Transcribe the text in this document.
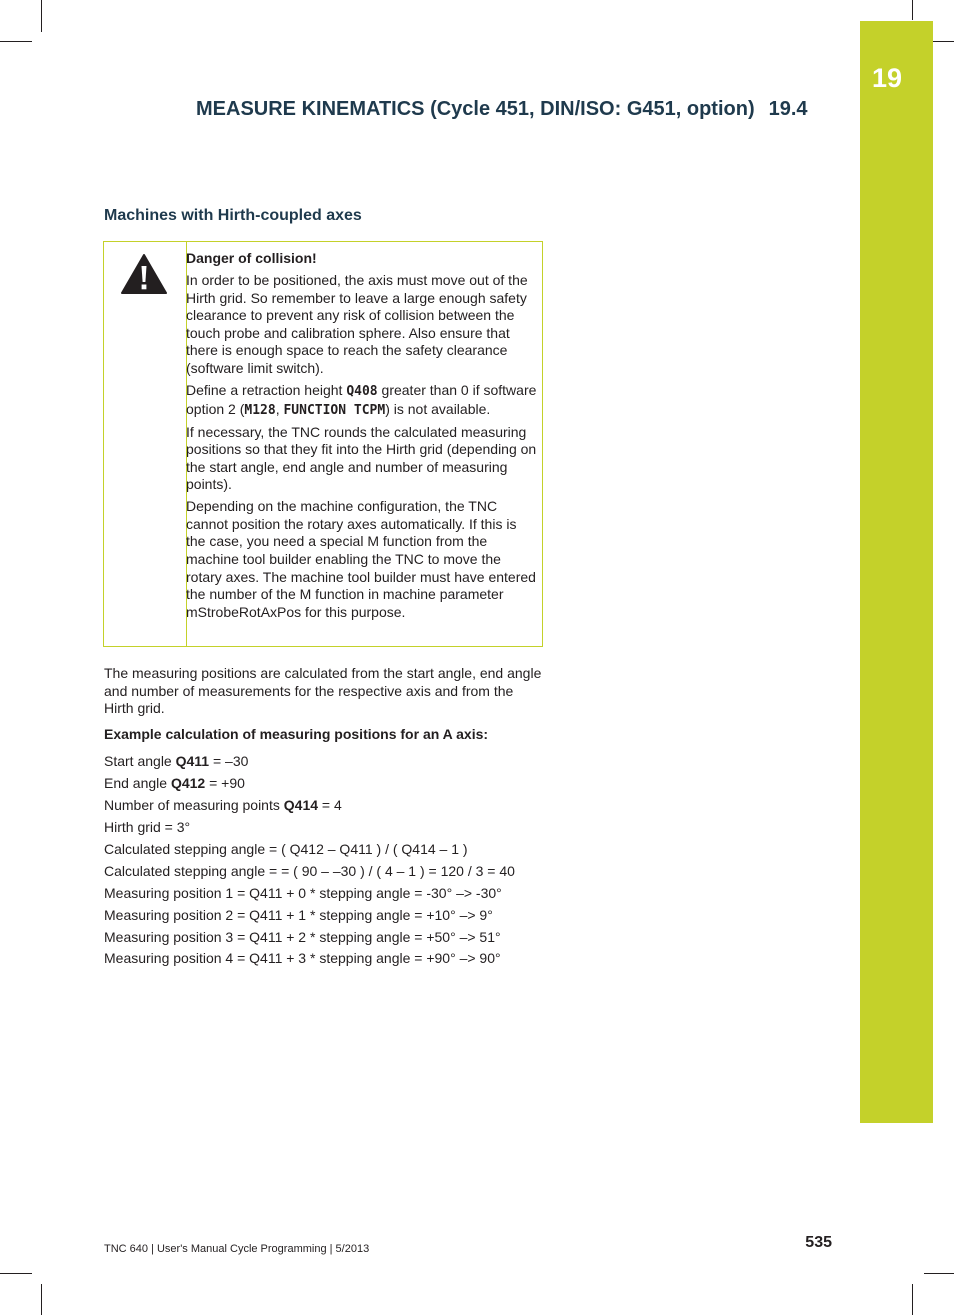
19
MEASURE KINEMATICS (Cycle 451, DIN/ISO: G451, option) 19.4
Machines with Hirth-coupled axes

Danger of collision!

In order to be positioned, the axis must move out of the Hirth grid. So remember to leave a large enough safety clearance to prevent any risk of collision between the touch probe and calibration sphere. Also ensure that there is enough space to reach the safety clearance (software limit switch).

Define a retraction height Q408 greater than 0 if software option 2 (M128, FUNCTION TCPM) is not available.

If necessary, the TNC rounds the calculated measuring positions so that they fit into the Hirth grid (depending on the start angle, end angle and number of measuring points).

Depending on the machine configuration, the TNC cannot position the rotary axes automatically. If this is the case, you need a special M function from the machine tool builder enabling the TNC to move the rotary axes. The machine tool builder must have entered the number of the M function in machine parameter mStrobeRotAxPos for this purpose.

The measuring positions are calculated from the start angle, end angle and number of measurements for the respective axis and from the Hirth grid.

Example calculation of measuring positions for an A axis:

Start angle Q411 = –30
End angle Q412 = +90
Number of measuring points Q414 = 4
Hirth grid = 3°
Calculated stepping angle = ( Q412 – Q411 ) / ( Q414 – 1 )
Calculated stepping angle = = ( 90 – –30 ) / ( 4 – 1 ) = 120 / 3 = 40
Measuring position 1 = Q411 + 0 * stepping angle = -30° –> -30°
Measuring position 2 = Q411 + 1 * stepping angle = +10° –> 9°
Measuring position 3 = Q411 + 2 * stepping angle = +50° –> 51°
Measuring position 4 = Q411 + 3 * stepping angle = +90° –> 90°
TNC 640 | User's Manual Cycle Programming | 5/2013	535
